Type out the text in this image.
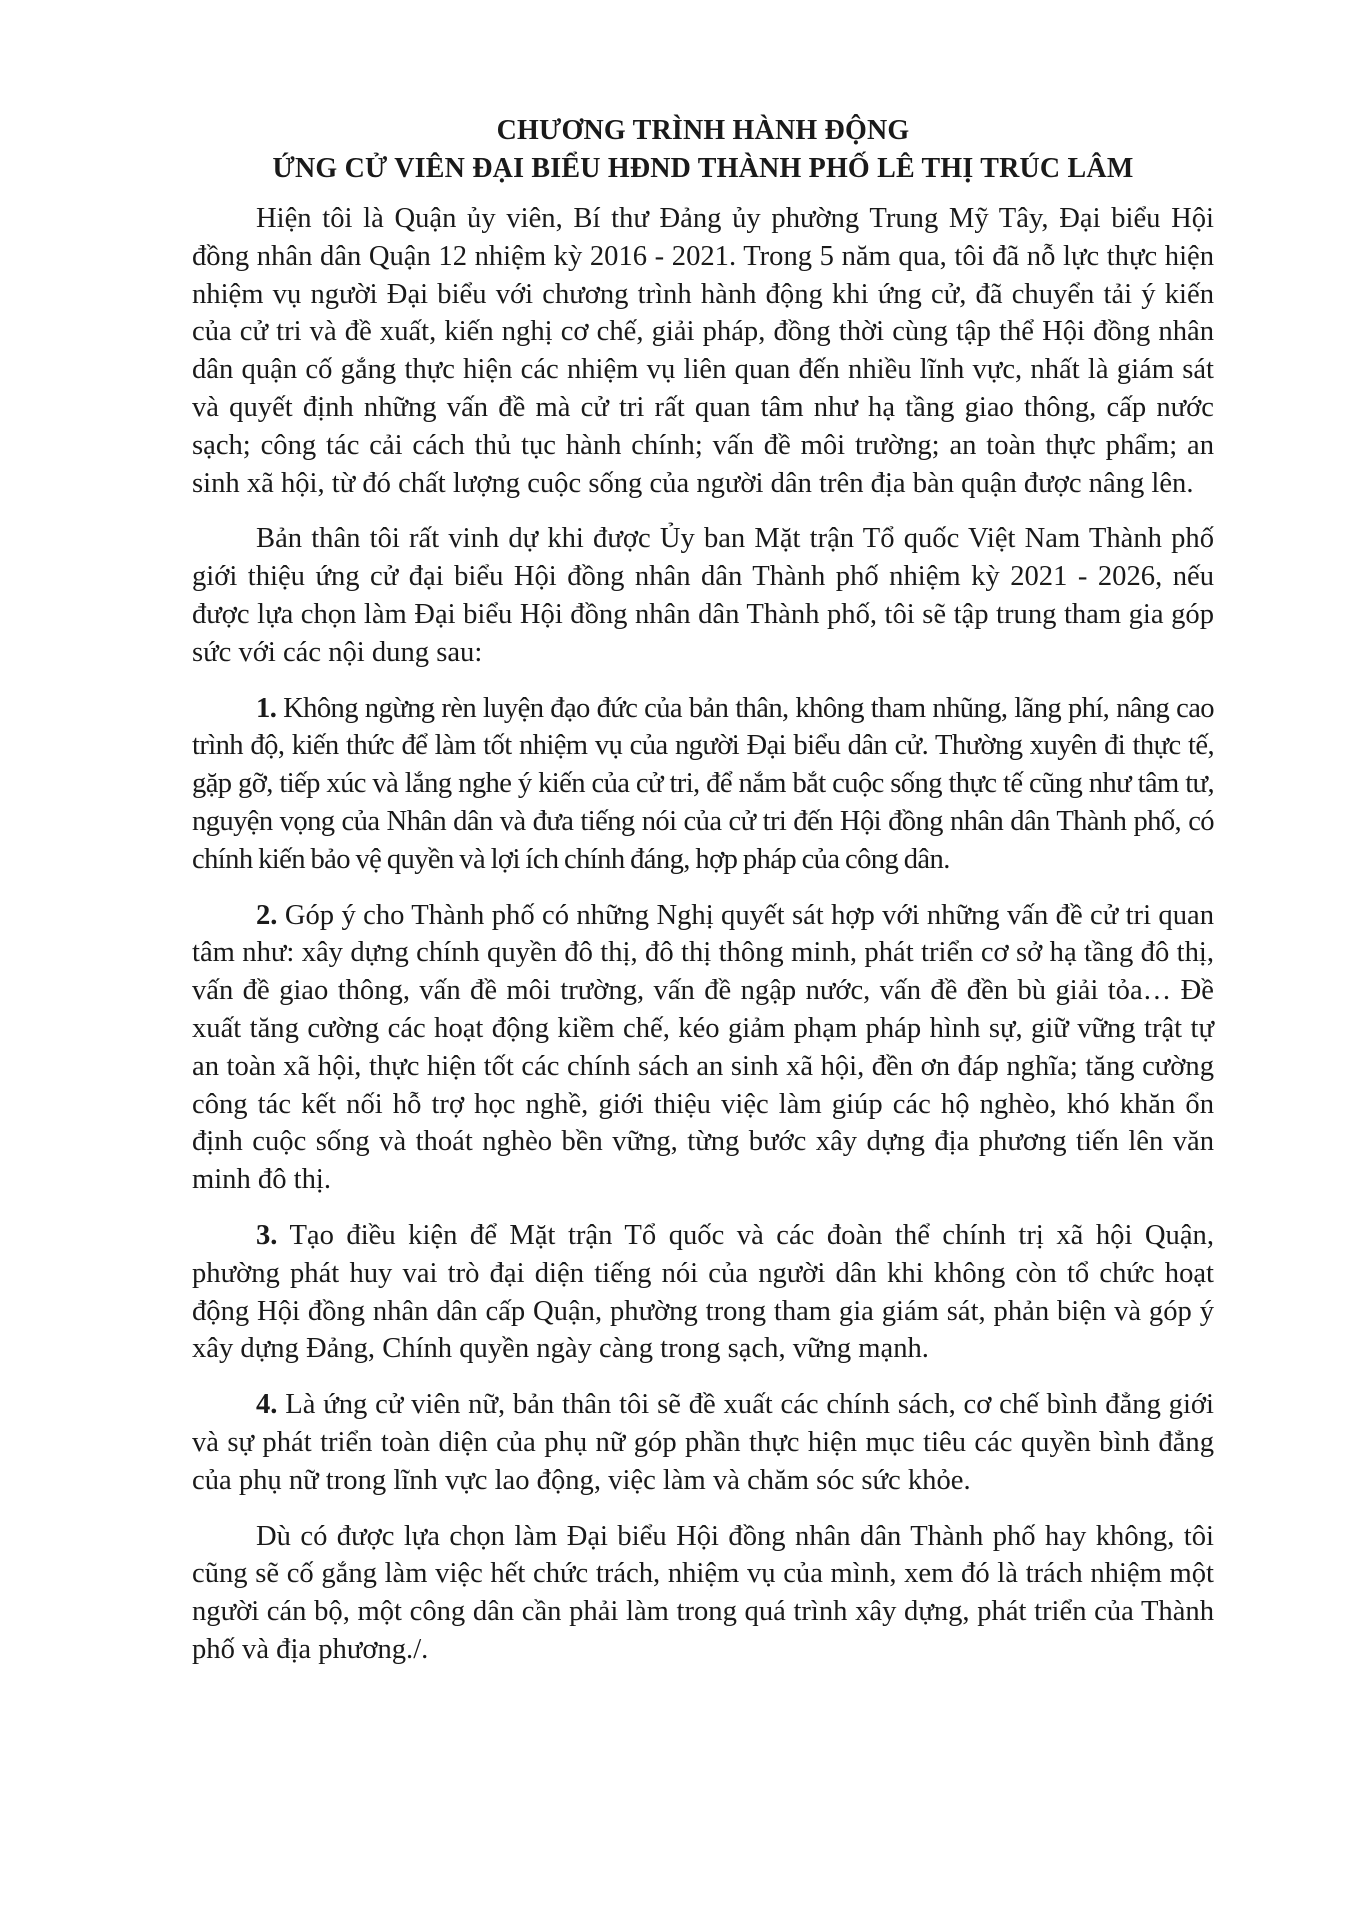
CHƯƠNG TRÌNH HÀNH ĐỘNG
ỨNG CỬ VIÊN ĐẠI BIỂU HĐND THÀNH PHỐ LÊ THỊ TRÚC LÂM

Hiện tôi là Quận ủy viên, Bí thư Đảng ủy phường Trung Mỹ Tây, Đại biểu Hội đồng nhân dân Quận 12 nhiệm kỳ 2016 - 2021. Trong 5 năm qua, tôi đã nỗ lực thực hiện nhiệm vụ người Đại biểu với chương trình hành động khi ứng cử, đã chuyển tải ý kiến của cử tri và đề xuất, kiến nghị cơ chế, giải pháp, đồng thời cùng tập thể Hội đồng nhân dân quận cố gắng thực hiện các nhiệm vụ liên quan đến nhiều lĩnh vực, nhất là giám sát và quyết định những vấn đề mà cử tri rất quan tâm như hạ tầng giao thông, cấp nước sạch; công tác cải cách thủ tục hành chính; vấn đề môi trường; an toàn thực phẩm; an sinh xã hội, từ đó chất lượng cuộc sống của người dân trên địa bàn quận được nâng lên.

Bản thân tôi rất vinh dự khi được Ủy ban Mặt trận Tổ quốc Việt Nam Thành phố giới thiệu ứng cử đại biểu Hội đồng nhân dân Thành phố nhiệm kỳ 2021 - 2026, nếu được lựa chọn làm Đại biểu Hội đồng nhân dân Thành phố, tôi sẽ tập trung tham gia góp sức với các nội dung sau:

1. Không ngừng rèn luyện đạo đức của bản thân, không tham nhũng, lãng phí, nâng cao trình độ, kiến thức để làm tốt nhiệm vụ của người Đại biểu dân cử. Thường xuyên đi thực tế, gặp gỡ, tiếp xúc và lắng nghe ý kiến của cử tri, để nắm bắt cuộc sống thực tế cũng như tâm tư, nguyện vọng của Nhân dân và đưa tiếng nói của cử tri đến Hội đồng nhân dân Thành phố, có chính kiến bảo vệ quyền và lợi ích chính đáng, hợp pháp của công dân.

2. Góp ý cho Thành phố có những Nghị quyết sát hợp với những vấn đề cử tri quan tâm như: xây dựng chính quyền đô thị, đô thị thông minh, phát triển cơ sở hạ tầng đô thị, vấn đề giao thông, vấn đề môi trường, vấn đề ngập nước, vấn đề đền bù giải tỏa… Đề xuất tăng cường các hoạt động kiềm chế, kéo giảm phạm pháp hình sự, giữ vững trật tự an toàn xã hội, thực hiện tốt các chính sách an sinh xã hội, đền ơn đáp nghĩa; tăng cường công tác kết nối hỗ trợ học nghề, giới thiệu việc làm giúp các hộ nghèo, khó khăn ổn định cuộc sống và thoát nghèo bền vững, từng bước xây dựng địa phương tiến lên văn minh đô thị.

3. Tạo điều kiện để Mặt trận Tổ quốc và các đoàn thể chính trị xã hội Quận, phường phát huy vai trò đại diện tiếng nói của người dân khi không còn tổ chức hoạt động Hội đồng nhân dân cấp Quận, phường trong tham gia giám sát, phản biện và góp ý xây dựng Đảng, Chính quyền ngày càng trong sạch, vững mạnh.

4. Là ứng cử viên nữ, bản thân tôi sẽ đề xuất các chính sách, cơ chế bình đẳng giới và sự phát triển toàn diện của phụ nữ góp phần thực hiện mục tiêu các quyền bình đẳng của phụ nữ trong lĩnh vực lao động, việc làm và chăm sóc sức khỏe.

Dù có được lựa chọn làm Đại biểu Hội đồng nhân dân Thành phố hay không, tôi cũng sẽ cố gắng làm việc hết chức trách, nhiệm vụ của mình, xem đó là trách nhiệm một người cán bộ, một công dân cần phải làm trong quá trình xây dựng, phát triển của Thành phố và địa phương./.
